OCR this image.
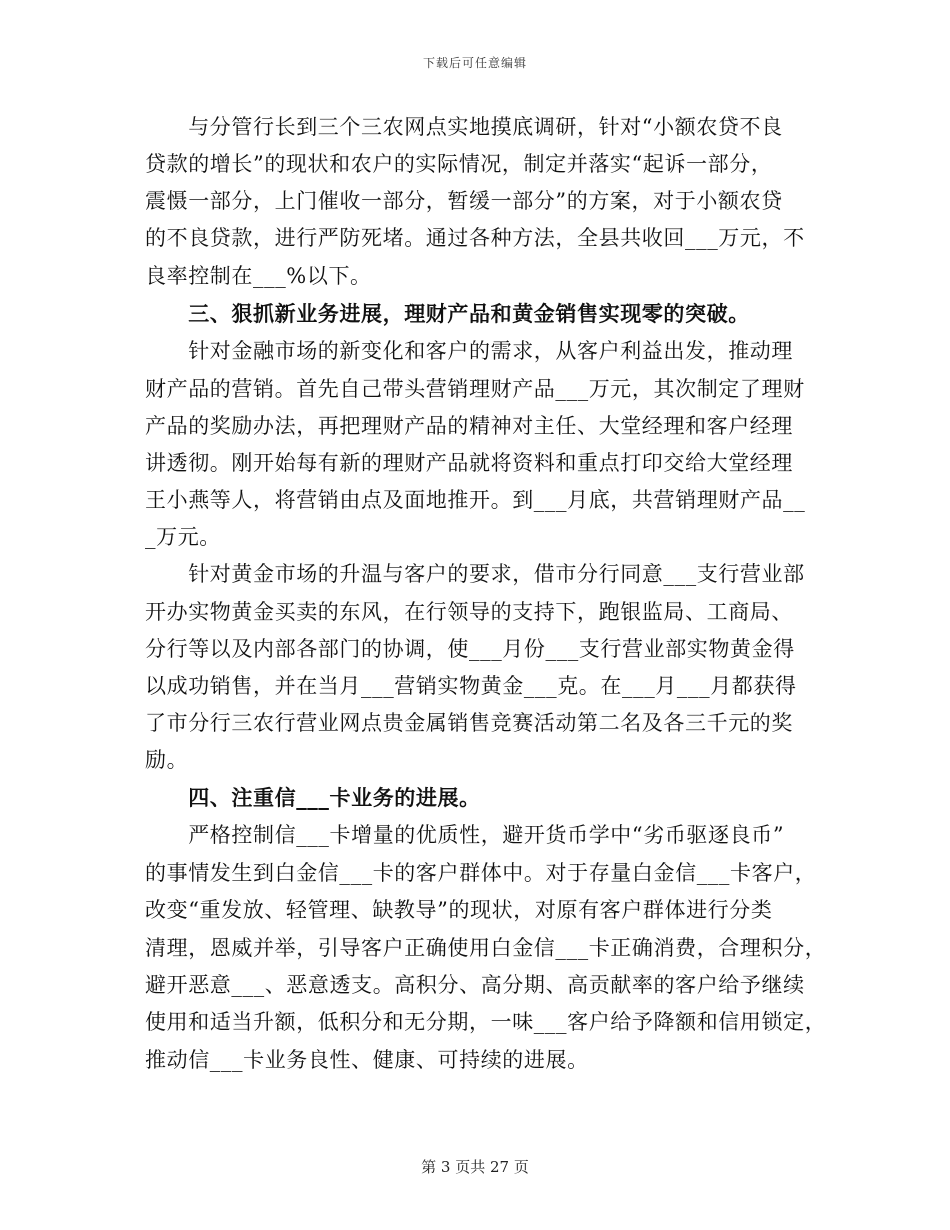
下载后可任意编辑
　　与分管行长到三个三农网点实地摸底调研，针对“小额农贷不良
贷款的增长”的现状和农户的实际情况，制定并落实“起诉一部分，
震慑一部分，上门催收一部分，暂缓一部分”的方案，对于小额农贷
的不良贷款，进行严防死堵。通过各种方法，全县共收回___万元，不
良率控制在___%以下。
　　三、狠抓新业务进展，理财产品和黄金销售实现零的突破。
　　针对金融市场的新变化和客户的需求，从客户利益出发，推动理
财产品的营销。首先自己带头营销理财产品___万元，其次制定了理财
产品的奖励办法，再把理财产品的精神对主任、大堂经理和客户经理
讲透彻。刚开始每有新的理财产品就将资料和重点打印交给大堂经理
王小燕等人，将营销由点及面地推开。到___月底，共营销理财产品__
_万元。
　　针对黄金市场的升温与客户的要求，借市分行同意___支行营业部
开办实物黄金买卖的东风，在行领导的支持下，跑银监局、工商局、
分行等以及内部各部门的协调，使___月份___支行营业部实物黄金得
以成功销售，并在当月___营销实物黄金___克。在___月___月都获得
了市分行三农行营业网点贵金属销售竞赛活动第二名及各三千元的奖
励。
　　四、注重信___卡业务的进展。
　　严格控制信___卡增量的优质性，避开货币学中“劣币驱逐良币”
的事情发生到白金信___卡的客户群体中。对于存量白金信___卡客户，
改变“重发放、轻管理、缺教导”的现状，对原有客户群体进行分类
清理，恩威并举，引导客户正确使用白金信___卡正确消费，合理积分，
避开恶意___、恶意透支。高积分、高分期、高贡献率的客户给予继续
使用和适当升额，低积分和无分期，一味___客户给予降额和信用锁定，
推动信___卡业务良性、健康、可持续的进展。
第 3 页共 27 页
